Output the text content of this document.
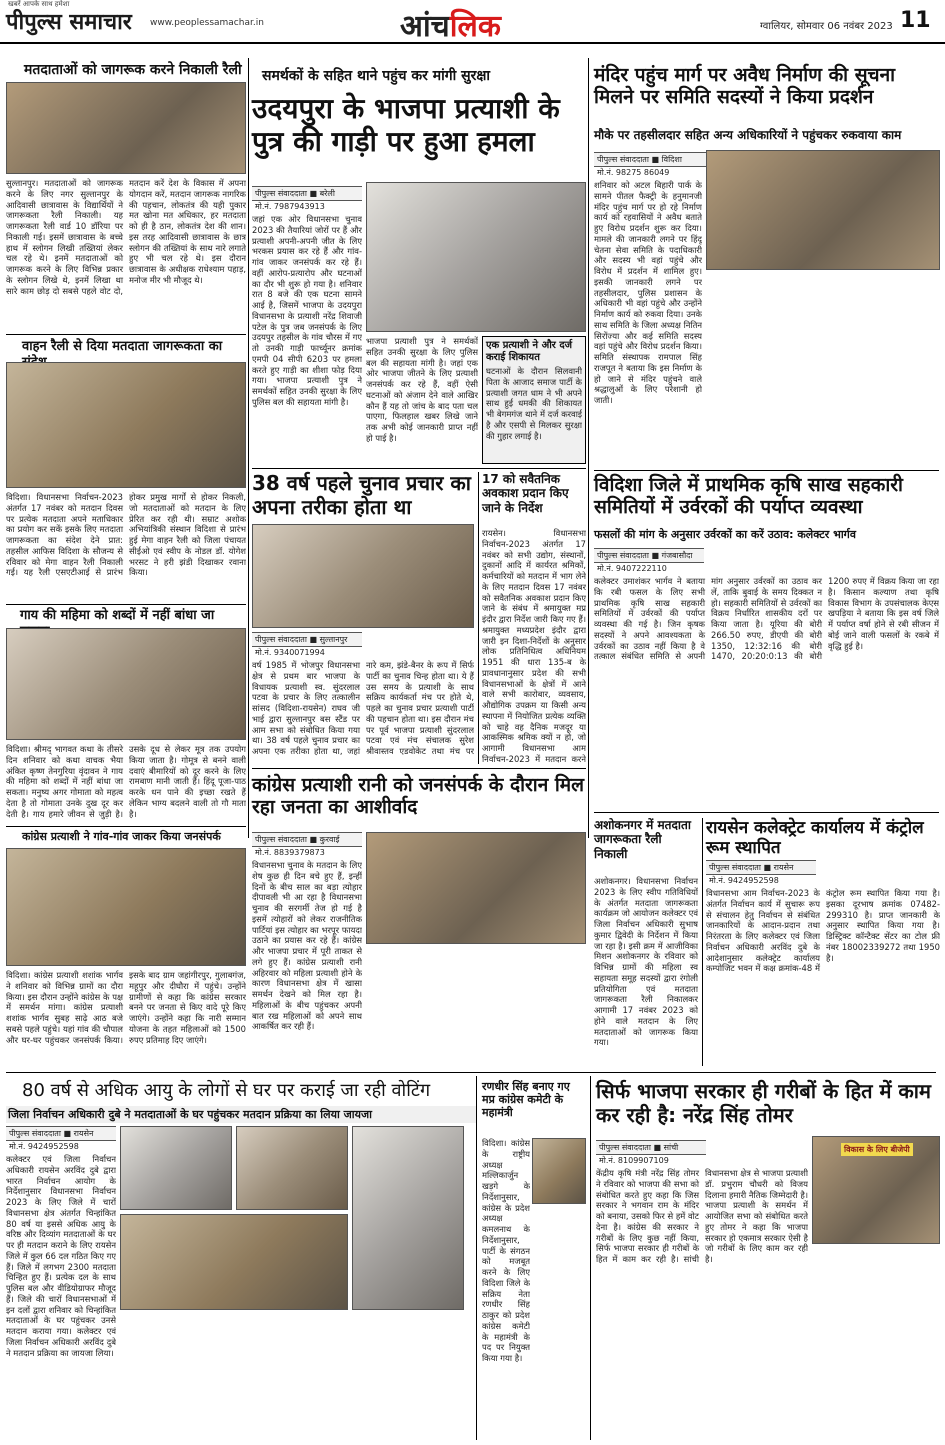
खबरें आपके साथ हमेशा
पीपुल्स समाचार www.peoplessamachar.in	आंचलिक	ग्वालियर, सोमवार 06 नवंबर 2023 11
मतदाताओं को जागरूक करने निकाली रैली
सुल्तानपुर। मतदाताओं को जागरूक करने के लिए नगर सुल्तानपुर के आदिवासी छात्रावास के विद्यार्थियों ने जागरूकता रैली निकाली। यह जागरूकता रैली वार्ड 10 डॉरिया पर निकाली गई। इसमें छात्रावास के बच्चे हाथ में स्लोगन लिखी तख्तियां लेकर चल रहे थे। इनमें मतदाताओं को जागरूक करने के लिए विभिन्न प्रकार के स्लोगन लिखे थे, इनमें लिखा था सारे काम छोड़ दो सबसे पहले वोट दो, मतदान करें देश के विकास में अपना योगदान करें, मतदान जागरूक नागरिक की पहचान, लोकतंत्र की यही पुकार मत खोना मत अधिकार, हर मतदाता को ही है ठान, लोकतंत्र देश की शान। इस तरह आदिवासी छात्रावास के छात्र स्लोगन की तख्तियां के साथ नारे लगाते हुए भी चल रहे थे। इस दौरान छात्रावास के अधीक्षक राधेश्याम पहाड़, मनोज मीर भी मौजूद थे।
वाहन रैली से दिया मतदाता जागरूकता का
विदिशा। विधानसभा निर्वाचन-2023 अंतर्गत 17 नवंबर को मतदान दिवस पर प्रत्येक मतदाता अपने मताधिकार का प्रयोग कर सकें इसके लिए मतदाता जागरूकता का संदेश देने प्रात: तहसील आफिस विदिशा के सौजन्य से रविवार को मेगा वाहन रैली निकाली गई। यह रैली एसएटीआई से प्रारंभ होकर प्रमुख मार्गों से होकर निकली, जो मतदाताओं को मतदान के लिए प्रेरित कर रही थी। सम्राट अशोक अभियांत्रिकी संस्थान विदिशा से प्रारंभ हुई मेगा वाहन रैली को जिला पंचायत सीईओ एवं स्वीप के नोडल डॉ. योगेश भरसट ने हरी झंडी दिखाकर रवाना किया।
गाय की महिमा को शब्दों में नहीं बांधा जा
विदिशा। श्रीमद् भागवत कथा के तीसरे दिन शनिवार को कथा वाचक भैया अंकित कृष्ण तेनगुरिया वृंदावन ने गाय की महिमा को शब्दों में नहीं बांधा जा सकता। मनुष्य अगर गोमाता को महत्व देता है तो गोमाता उनके दुख दूर कर देती है। गाय हमारे जीवन से जुड़ी है। उसके दूध से लेकर मूत्र तक उपयोग किया जाता है। गोमूत्र से बनने वाली दवाएं बीमारियों को दूर करने के लिए रामबाण मानी जाती हैं। हिंदू पूजा-पाठ करके धन पाने की इच्छा रखते हैं लेकिन भाग्य बदलने वाली तो गौ माता है।
कांग्रेस प्रत्याशी ने गांव-गांव जाकर किया जनसंपर्क
विदिशा। कांग्रेस प्रत्याशी शशांक भार्गव ने शनिवार को विभिन्न ग्रामों का दौरा किया। इस दौरान उन्होंने कांग्रेस के पक्ष में समर्थन मांगा। कांग्रेस प्रत्याशी शशांक भार्गव सुबह साढ़े आठ बजे सबसे पहले पहुंचे। यहां गांव की चौपाल और घर-घर पहुंचकर जनसंपर्क किया। इसके बाद ग्राम जहांगीरपुर, गुलाबगंज, महूपुर और दीघौरा में पहुंचे। उन्होंने ग्रामीणों से कहा कि कांग्रेस सरकार बनने पर जनता से किए वादे पूरे किए जाएंगे। उन्होंने कहा कि नारी सम्मान योजना के तहत महिलाओं को 1500 रुपए प्रतिमाह दिए जाएंगे।
समर्थकों के सहित थाने पहुंच कर मांगी सुरक्षा
उदयपुरा के भाजपा प्रत्याशी के पुत्र की गाड़ी पर हुआ हमला
पीपुल्स संवाददाता ■ बरेली
मो.नं. 7987943913
जहां एक ओर विधानसभा चुनाव 2023 की तैयारियां जोरों पर हैं और प्रत्याशी अपनी-अपनी जीत के लिए भरकस प्रयास कर रहे हैं और गांव-गांव जाकर जनसंपर्क कर रहे हैं। वहीं आरोप-प्रत्यारोप और घटनाओं का दौर भी शुरू हो गया है। शनिवार रात 8 बजे की एक घटना सामने आई है, जिसमें भाजपा के उदयपुरा विधानसभा के प्रत्याशी नरेंद्र शिवाजी पटेल के पुत्र जब जनसंपर्क के लिए उदयपुर तहसील के गांव चौरस में गए तो उनकी गाड़ी फार्च्यूनर क्रमांक एमपी 04 सीपी 6203 पर हमला करते हुए गाड़ी का शीशा फोड़ दिया गया। भाजपा प्रत्याशी पुत्र ने समर्थकों सहित उनकी सुरक्षा के लिए पुलिस बल की सहायता मांगी है।
भाजपा प्रत्याशी पुत्र ने समर्थकों सहित उनकी सुरक्षा के लिए पुलिस बल की सहायता मांगी है। जहां एक ओर भाजपा जीतने के लिए प्रत्याशी जनसंपर्क कर रहे हैं, वहीं ऐसी घटनाओं को अंजाम देने वाले आखिर कौन हैं यह तो जांच के बाद पता चल पाएगा, फिलहाल खबर लिखे जाने तक अभी कोई जानकारी प्राप्त नहीं हो पाई है।
एक प्रत्याशी ने और दर्ज कराई शिकायत
घटनाओं के दौरान सिलवानी पिता के आजाद समाज पार्टी के प्रत्याशी जगत धाम ने भी अपने साथ हुई धमकी की शिकायत भी बेगमगंज थाने में दर्ज करवाई है और एसपी से मिलकर सुरक्षा की गुहार लगाई है।
38 वर्ष पहले चुनाव प्रचार का अपना तरीका होता था
पीपुल्स संवाददाता ■ सुल्तानपुर
मो.नं. 9340071994
वर्ष 1985 में भोजपुर विधानसभा क्षेत्र से प्रथम बार भाजपा के विधायक प्रत्याशी स्व. सुंदरलाल पटवा के प्रचार के लिए तत्कालीन सांसद (विदिशा-रायसेन) राघव जी भाई द्वारा सुल्तानपुर बस स्टैंड पर आम सभा को संबोधित किया गया था। 38 वर्ष पहले चुनाव प्रचार का अपना एक तरीका होता था, जहां नारे कम, झंडे-बैनर के रूप में सिर्फ पार्टी का चुनाव चिन्ह होता था। ये हैं उस समय के प्रत्याशी के साथ सक्रिय कार्यकर्ता मंच पर होते थे, पहले का चुनाव प्रचार प्रत्याशी पार्टी की पहचान होता था। इस दौरान मंच पर पूर्व भाजपा प्रत्याशी सुंदरलाल पटवा एवं मंच संचालक सुरेश श्रीवास्तव एडवोकेट तथा मंच पर
17 को सवैतनिक अवकाश प्रदान किए जाने के निर्देश
रायसेन। विधानसभा निर्वाचन-2023 अंतर्गत 17 नवंबर को सभी उद्योग, संस्थानों, दुकानों आदि में कार्यरत श्रमिकों, कर्मचारियों को मतदान में भाग लेने के लिए मतदान दिवस 17 नवंबर को सवैतनिक अवकाश प्रदान किए जाने के संबंध में श्रमायुक्त मप्र इंदौर द्वारा निर्देश जारी किए गए हैं। श्रमायुक्त मध्यप्रदेश इंदौर द्वारा जारी इन दिशा-निर्देशों के अनुसार लोक प्रतिनिधित्व अधिनियम 1951 की धारा 135-ब के प्रावधानानुसार प्रदेश की सभी विधानसभाओं के क्षेत्रों में आने वाले सभी कारोबार, व्यवसाय, औद्योगिक उपक्रम या किसी अन्य स्थापना में नियोजित प्रत्येक व्यक्ति को चाहे वह दैनिक मजदूर या आकस्मिक श्रमिक क्यों न हो, जो आगामी विधानसभा आम निर्वाचन-2023 में मतदान करने
कांग्रेस प्रत्याशी रानी को जनसंपर्क के दौरान मिल रहा जनता का आशीर्वाद
पीपुल्स संवाददाता ■ कुरवाई
मो.नं. 8839379873
विधानसभा चुनाव के मतदान के लिए शेष कुछ ही दिन बचे हुए हैं, इन्हीं दिनों के बीच साल का बड़ा त्योहार दीपावली भी आ रहा है विधानसभा चुनाव की सरगर्मी तेज हो गई है इसमें त्योहारों को लेकर राजनीतिक पार्टियां इस त्योहार का भरपूर फायदा उठाने का प्रयास कर रहे हैं। कांग्रेस और भाजपा प्रचार में पूरी ताकत से लगे हुए हैं। कांग्रेस प्रत्याशी रानी अहिरवार को महिला प्रत्याशी होने के कारण विधानसभा क्षेत्र में खासा समर्थन देखने को मिल रहा है। महिलाओं के बीच पहुंचकर अपनी बात रख महिलाओं को अपने साथ आकर्षित कर रही हैं।
80 वर्ष से अधिक आयु के लोगों से घर पर कराई जा रही वोटिंग
जिला निर्वाचन अधिकारी दुबे ने मतदाताओं के घर पहुंचकर मतदान प्रक्रिया का लिया जायजा
पीपुल्स संवाददाता ■ रायसेन
मो.नं. 9424952598
कलेक्टर एवं जिला निर्वाचन अधिकारी रायसेन अरविंद दुबे द्वारा भारत निर्वाचन आयोग के निर्देशानुसार विधानसभा निर्वाचन 2023 के लिए जिले में चारों विधानसभा क्षेत्र अंतर्गत चिन्हांकित 80 वर्ष या इससे अधिक आयु के वरिष्ठ और दिव्यांग मतदाताओं के घर पर ही मतदान कराने के लिए रायसेन जिले में कुल 66 दल गठित किए गए हैं। जिले में लगभग 2300 मतदाता चिन्हित हुए हैं। प्रत्येक दल के साथ पुलिस बल और वीडियोग्राफर मौजूद हैं। जिले की चारों विधानसभाओं में इन दलों द्वारा शनिवार को चिन्हांकित मतदाताओं के घर पहुंचकर उनसे मतदान कराया गया। कलेक्टर एवं जिला निर्वाचन अधिकारी अरविंद दुबे ने मतदान प्रक्रिया का जायजा लिया।
मंदिर पहुंच मार्ग पर अवैध निर्माण की सूचना मिलने पर समिति सदस्यों ने किया प्रदर्शन
मौके पर तहसीलदार सहित अन्य अधिकारियों ने पहुंचकर रुकवाया काम
पीपुल्स संवाददाता ■ विदिशा
मो.नं. 98275 86049
शनिवार को अटल बिहारी पार्क के सामने पीतल फैक्ट्री के हनुमानजी मंदिर पहुंच मार्ग पर हो रहे निर्माण कार्य को रहवासियों ने अवैध बताते हुए विरोध प्रदर्शन शुरू कर दिया। मामले की जानकारी लगने पर हिंदू चेतना सेवा समिति के पदाधिकारी और सदस्य भी वहां पहुंचे और विरोध में प्रदर्शन में शामिल हुए। इसकी जानकारी लगने पर तहसीलदार, पुलिस प्रशासन के अधिकारी भी वहां पहुंचे और उन्होंने निर्माण कार्य को रुकवा दिया। उनके साथ समिति के जिला अध्यक्ष नितिन सिरोंज्या और कई समिति सदस्य वहां पहुंचे और विरोध प्रदर्शन किया। समिति संस्थापक रामपाल सिंह राजपूत ने बताया कि इस निर्माण के हो जाने से मंदिर पहुंचने वाले श्रद्धालुओं के लिए परेशानी हो जाती।
विदिशा जिले में प्राथमिक कृषि साख सहकारी समितियों में उर्वरकों की पर्याप्त व्यवस्था
फसलों की मांग के अनुसार उर्वरकों का करें उठाव: कलेक्टर भार्गव
पीपुल्स संवाददाता ■ गंजबासौदा
मो.नं. 9407222110
कलेक्टर उमाशंकर भार्गव ने बताया कि रबी फसल के लिए सभी प्राथमिक कृषि साख सहकारी समितियों में उर्वरकों की पर्याप्त व्यवस्था की गई है। जिन कृषक सदस्यों ने अपने आवश्यकता के उर्वरकों का उठाव नहीं किया है वे तत्काल संबंधित समिति से अपनी मांग अनुसार उर्वरकों का उठाव कर लें, ताकि बुवाई के समय दिक्कत न हो। सहकारी समितियों से उर्वरकों का विक्रय निर्धारित शासकीय दरों पर किया जाता है। यूरिया की बोरी 266.50 रुपए, डीएपी की बोरी 1350, 12:32:16 की बोरी 1470, 20:20:0:13 की बोरी 1200 रुपए में विक्रय किया जा रहा है। किसान कल्याण तथा कृषि विकास विभाग के उपसंचालक केएस खपड़िया ने बताया कि इस वर्ष जिले में पर्याप्त वर्षा होने से रबी सीजन में बोई जाने वाली फसलों के रकबे में वृद्धि हुई है।
अशोकनगर में मतदाता जागरूकता रैली निकाली
अशोकनगर। विधानसभा निर्वाचन 2023 के लिए स्वीप गतिविधियों के अंतर्गत मतदाता जागरूकता कार्यक्रम जो आयोजन कलेक्टर एवं जिला निर्वाचन अधिकारी सुभाष कुमार द्विवेदी के निर्देशन में किया जा रहा है। इसी क्रम में आजीविका मिशन अशोकनगर के रविवार को विभिन्न ग्रामों की महिला स्व सहायता समूह सदस्यों द्वारा रंगोली प्रतियोगिता एवं मतदाता जागरूकता रैली निकालकर आगामी 17 नवंबर 2023 को होने वाले मतदान के लिए मतदाताओं को जागरूक किया गया।
रायसेन कलेक्ट्रेट कार्यालय में कंट्रोल रूम स्थापित
पीपुल्स संवाददाता ■ रायसेन
मो.नं. 9424952598
विधानसभा आम निर्वाचन-2023 के अंतर्गत निर्वाचन कार्य में सुचारू रूप से संचालन हेतु निर्वाचन से संबंधित जानकारियों के आदान-प्रदान तथा निरंतरता के लिए कलेक्टर एवं जिला निर्वाचन अधिकारी अरविंद दुबे के आदेशानुसार कलेक्ट्रेट कार्यालय कम्पोजिट भवन में कक्ष क्रमांक-48 में कंट्रोल रूम स्थापित किया गया है। इसका दूरभाष क्रमांक 07482-299310 है। प्राप्त जानकारी के अनुसार स्थापित किया गया है। डिस्ट्रिक्ट कॉन्टैक्ट सेंटर का टोल फ्री नंबर 18002339272 तथा 1950 है।
रणधीर सिंह बनाए गए मप्र कांग्रेस कमेटी के महामंत्री
विदिशा। कांग्रेस के राष्ट्रीय अध्यक्ष मल्लिकार्जुन खड़गे के निर्देशानुसार, कांग्रेस के प्रदेश अध्यक्ष कमलनाथ के निर्देशानुसार, पार्टी के संगठन को मजबूत करने के लिए विदिशा जिले के सक्रिय नेता रणधीर सिंह ठाकुर को प्रदेश कांग्रेस कमेटी के महामंत्री के पद पर नियुक्त किया गया है।
सिर्फ भाजपा सरकार ही गरीबों के हित में काम कर रही है: नरेंद्र सिंह तोमर
पीपुल्स संवाददाता ■ सांची
मो.नं. 8109907109
केंद्रीय कृषि मंत्री नरेंद्र सिंह तोमर ने रविवार को भाजपा की सभा को संबोधित करते हुए कहा कि जिस सरकार ने भगवान राम के मंदिर को बनाया, उसको फिर से हमें वोट देना है। कांग्रेस की सरकार ने गरीबों के लिए कुछ नहीं किया, सिर्फ भाजपा सरकार ही गरीबों के हित में काम कर रही है। सांची विधानसभा क्षेत्र से भाजपा प्रत्याशी डॉ. प्रभुराम चौधरी को विजय दिलाना हमारी नैतिक जिम्मेदारी है। भाजपा प्रत्याशी के समर्थन में आयोजित सभा को संबोधित करते हुए तोमर ने कहा कि भाजपा सरकार हो एकमात्र सरकार ऐसी है जो गरीबों के लिए काम कर रही है।
विकास के लिए बीजेपी
